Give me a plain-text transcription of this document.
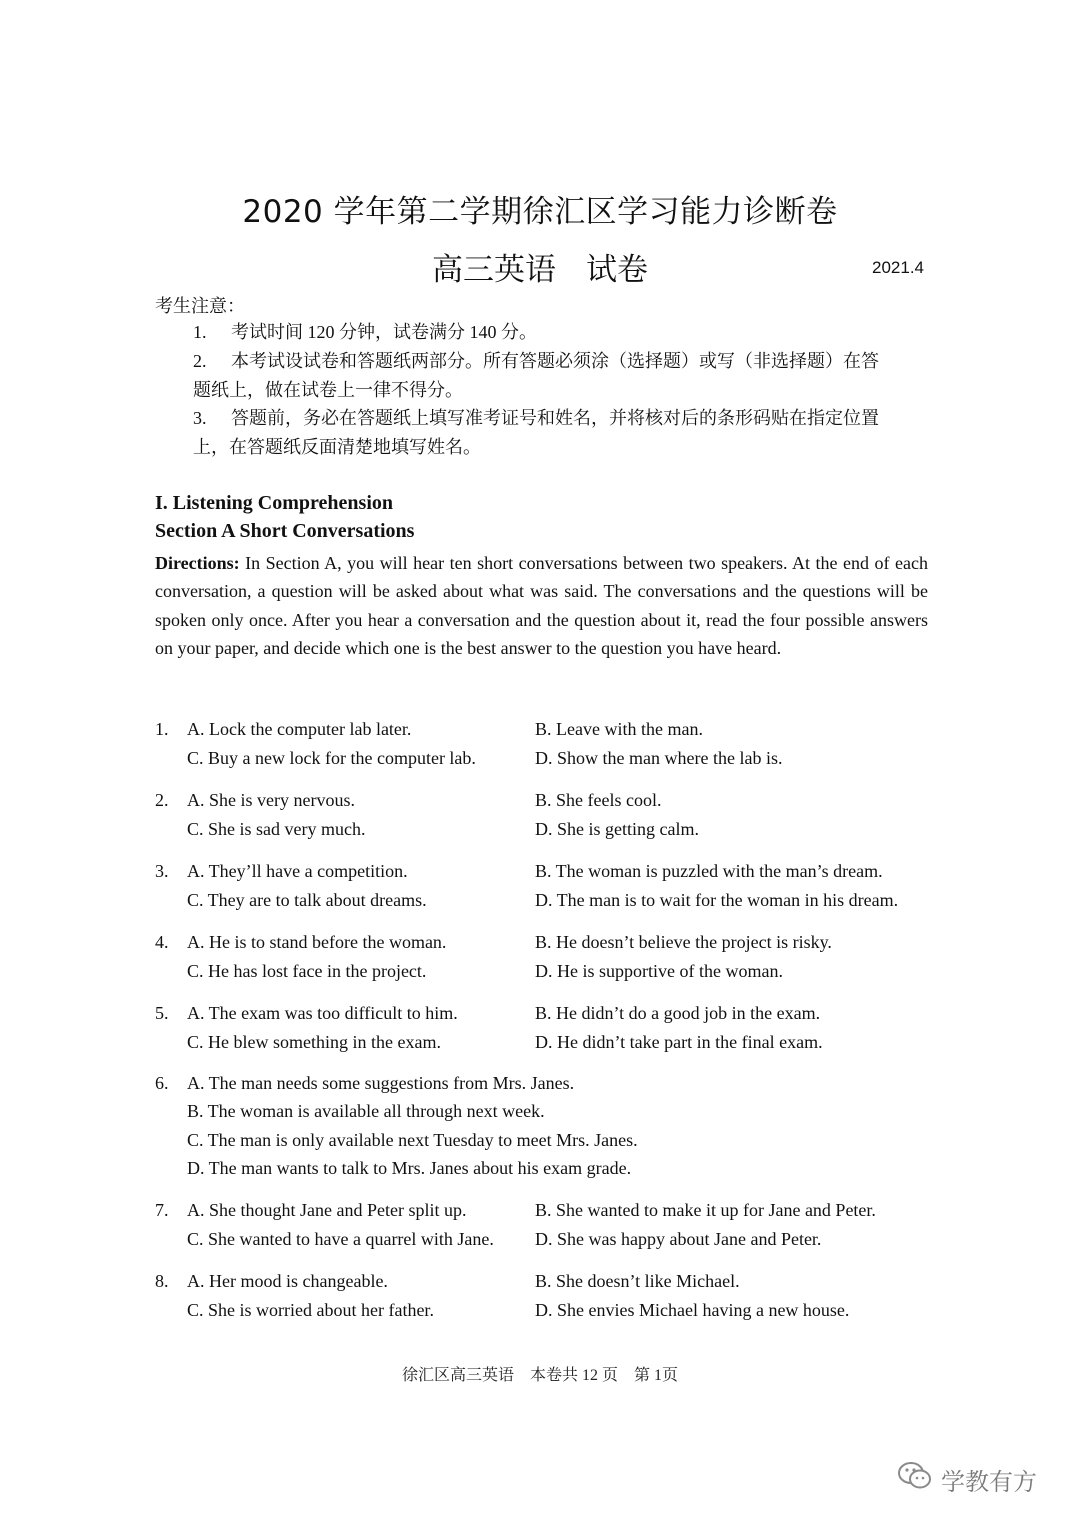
2020 学年第二学期徐汇区学习能力诊断卷
高三英语 试卷	2021.4
考生注意：
1. 考试时间 120 分钟，试卷满分 140 分。
2. 本考试设试卷和答题纸两部分。所有答题必须涂（选择题）或写（非选择题）在答
题纸上，做在试卷上一律不得分。
3. 答题前，务必在答题纸上填写准考证号和姓名，并将核对后的条形码贴在指定位置
上，在答题纸反面清楚地填写姓名。
I. Listening Comprehension
Section A Short Conversations
Directions: In Section A, you will hear ten short conversations between two speakers. At the end of each conversation, a question will be asked about what was said. The conversations and the questions will be spoken only once. After you hear a conversation and the question about it, read the four possible answers on your paper, and decide which one is the best answer to the question you have heard.
1. A. Lock the computer lab later.	B. Leave with the man.
C. Buy a new lock for the computer lab.	D. Show the man where the lab is.
2. A. She is very nervous.	B. She feels cool.
C. She is sad very much.	D. She is getting calm.
3. A. They’ll have a competition.	B. The woman is puzzled with the man’s dream.
C. They are to talk about dreams.	D. The man is to wait for the woman in his dream.
4. A. He is to stand before the woman.	B. He doesn’t believe the project is risky.
C. He has lost face in the project.	D. He is supportive of the woman.
5. A. The exam was too difficult to him.	B. He didn’t do a good job in the exam.
C. He blew something in the exam.	D. He didn’t take part in the final exam.
6. A. The man needs some suggestions from Mrs. Janes.
B. The woman is available all through next week.
C. The man is only available next Tuesday to meet Mrs. Janes.
D. The man wants to talk to Mrs. Janes about his exam grade.
7. A. She thought Jane and Peter split up.	B. She wanted to make it up for Jane and Peter.
C. She wanted to have a quarrel with Jane. D. She was happy about Jane and Peter.
8. A. Her mood is changeable.	B. She doesn’t like Michael.
C. She is worried about her father.	D. She envies Michael having a new house.
徐汇区高三英语　本卷共 12 页　第 1页
学教有方
